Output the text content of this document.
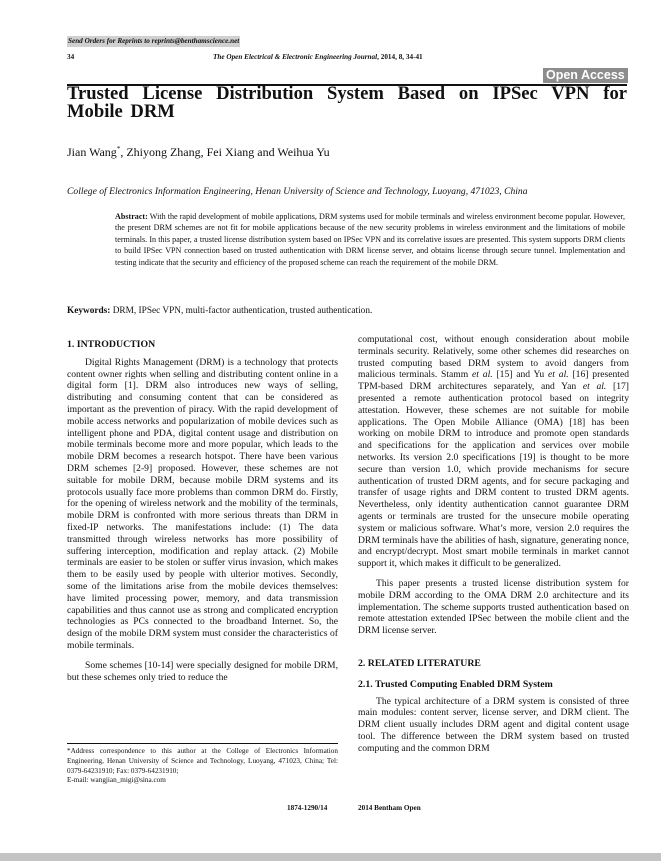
Send Orders for Reprints to reprints@benthamscience.net
34	The Open Electrical & Electronic Engineering Journal, 2014, 8, 34-41
Open Access
Trusted License Distribution System Based on IPSec VPN for Mobile DRM
Jian Wang*, Zhiyong Zhang, Fei Xiang and Weihua Yu
College of Electronics Information Engineering, Henan University of Science and Technology, Luoyang, 471023, China
Abstract: With the rapid development of mobile applications, DRM systems used for mobile terminals and wireless environment become popular. However, the present DRM schemes are not fit for mobile applications because of the new security problems in wireless environment and the limitations of mobile terminals. In this paper, a trusted license distribution system based on IPSec VPN and its correlative issues are presented. This system supports DRM clients to build IPSec VPN connection based on trusted authentication with DRM license server, and obtains license through secure tunnel. Implementation and testing indicate that the security and efficiency of the proposed scheme can reach the requirement of the mobile DRM.
Keywords: DRM, IPSec VPN, multi-factor authentication, trusted authentication.
1. INTRODUCTION

Digital Rights Management (DRM) is a technology that protects content owner rights when selling and distributing content online in a digital form [1]. DRM also introduces new ways of selling, distributing and consuming content that can be considered as important as the prevention of piracy. With the rapid development of mobile access networks and popularization of mobile devices such as intelligent phone and PDA, digital content usage and distribution on mobile terminals become more and more popular, which leads to the mobile DRM becomes a research hotspot. There have been various DRM schemes [2-9] proposed. However, these schemes are not suitable for mobile DRM, because mobile DRM systems and its protocols usually face more problems than common DRM do. Firstly, for the opening of wireless network and the mobility of the terminals, mobile DRM is confronted with more serious threats than DRM in fixed-IP networks. The manifestations include: (1) The data transmitted through wireless networks has more possibility of suffering interception, modification and replay attack. (2) Mobile terminals are easier to be stolen or suffer virus invasion, which makes them to be easily used by people with ulterior motives. Secondly, some of the limitations arise from the mobile devices themselves: have limited processing power, memory, and data transmission capabilities and thus cannot use as strong and complicated encryption technologies as PCs connected to the broadband Internet. So, the design of the mobile DRM system must consider the characteristics of mobile terminals.

Some schemes [10-14] were specially designed for mobile DRM, but these schemes only tried to reduce the

computational cost, without enough consideration about mobile terminals security. Relatively, some other schemes did researches on trusted computing based DRM system to avoid dangers from malicious terminals. Stamm et al. [15] and Yu et al. [16] presented TPM-based DRM architectures separately, and Yan et al. [17] presented a remote authentication protocol based on integrity attestation. However, these schemes are not suitable for mobile applications. The Open Mobile Alliance (OMA) [18] has been working on mobile DRM to introduce and promote open standards and specifications for the application and services over mobile networks. Its version 2.0 specifications [19] is thought to be more secure than version 1.0, which provide mechanisms for secure authentication of trusted DRM agents, and for secure packaging and transfer of usage rights and DRM content to trusted DRM agents. Nevertheless, only identity authentication cannot guarantee DRM agents or terminals are trusted for the unsecure mobile operating system or malicious software. What’s more, version 2.0 requires the DRM terminals have the abilities of hash, signature, generating nonce, and encrypt/decrypt. Most smart mobile terminals in market cannot support it, which makes it difficult to be generalized.

This paper presents a trusted license distribution system for mobile DRM according to the OMA DRM 2.0 architecture and its implementation. The scheme supports trusted authentication based on remote attestation extended IPSec between the mobile client and the DRM license server.

2. RELATED LITERATURE
2.1. Trusted Computing Enabled DRM System

The typical architecture of a DRM system is consisted of three main modules: content server, license server, and DRM client. The DRM client usually includes DRM agent and digital content usage tool. The difference between the DRM system based on trusted computing and the common DRM

*Address correspondence to this author at the College of Electronics Information Engineering, Henan University of Science and Technology, Luoyang, 471023, China; Tel: 0379-64231910; Fax: 0379-64231910;
E-mail: wangjian_migi@sina.com
1874-1290/14	2014 Bentham Open
